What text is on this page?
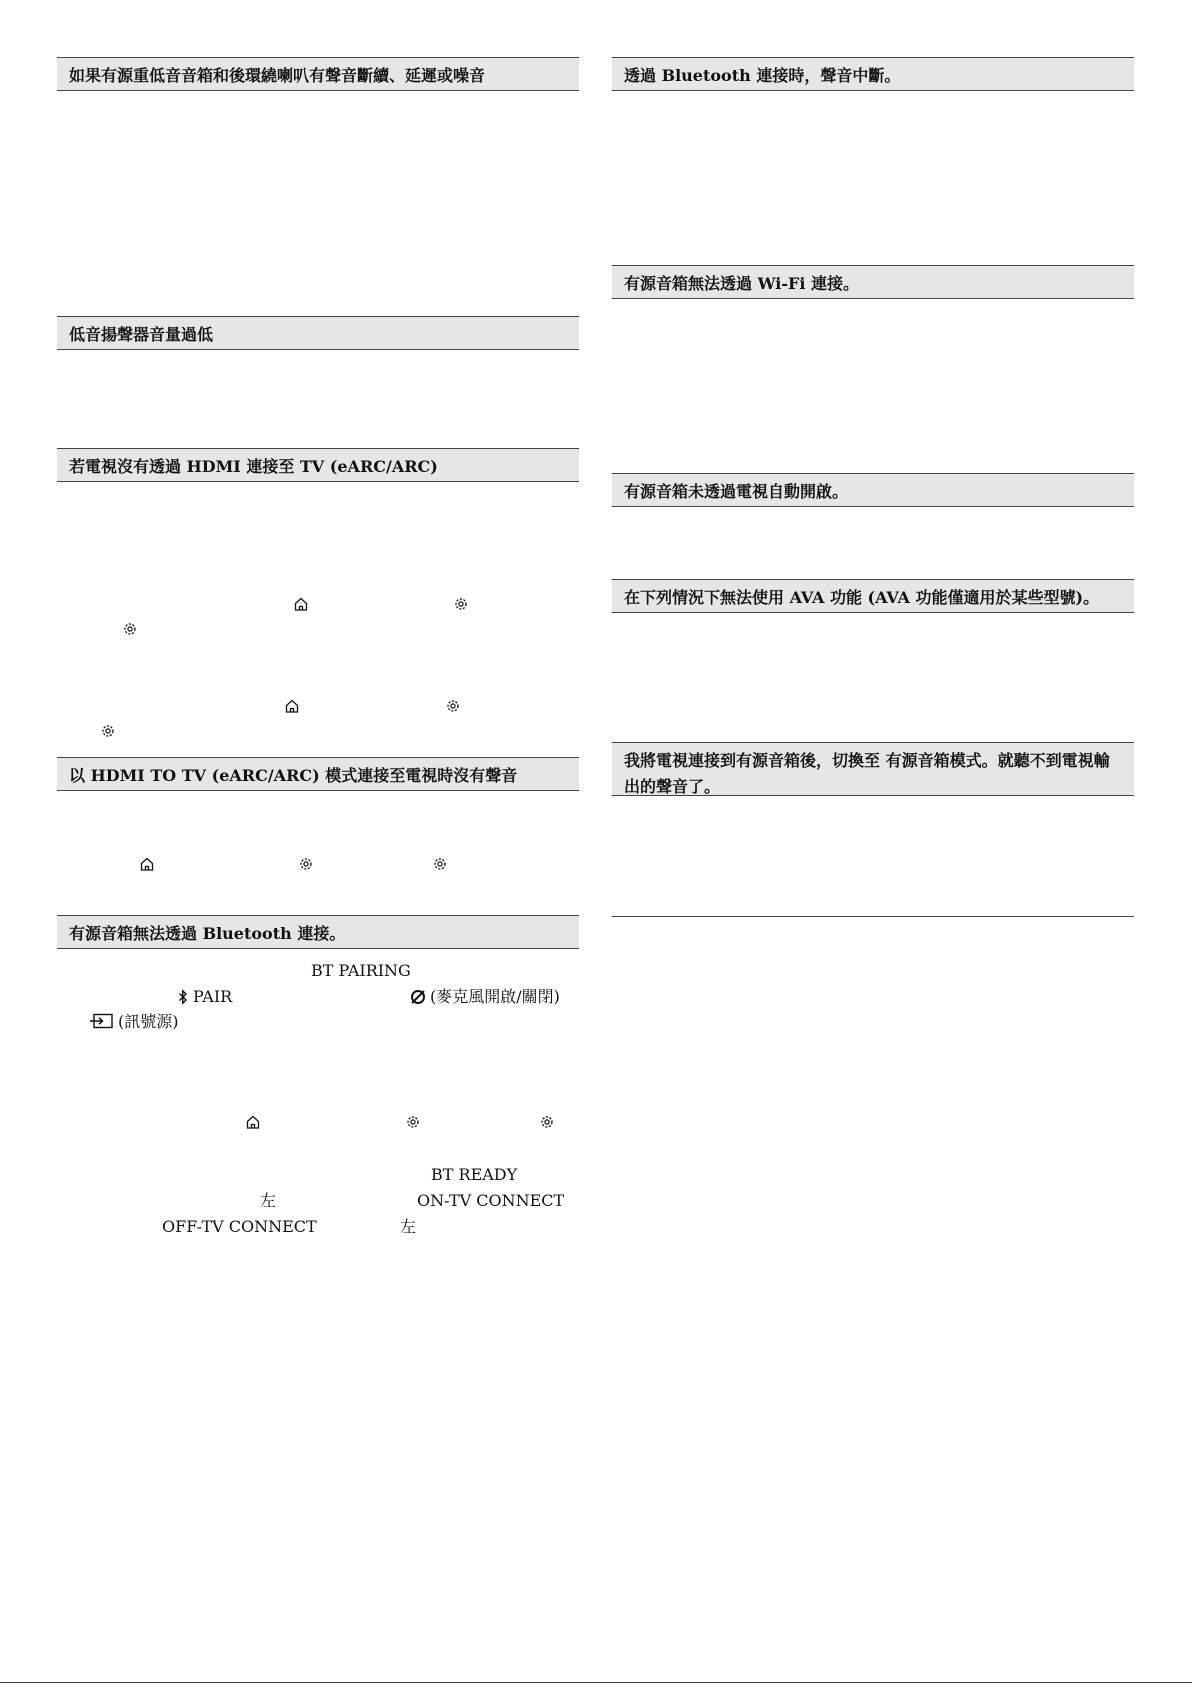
如果有源重低音音箱和後環繞喇叭有聲音斷續、延遲或噪音
低音揚聲器音量過低
若電視沒有透過 HDMI 連接至 TV (eARC/ARC)
以 HDMI TO TV (eARC/ARC) 模式連接至電視時沒有聲音
有源音箱無法透過 Bluetooth 連接。
透過 Bluetooth 連接時，聲音中斷。
有源音箱無法透過 Wi-Fi 連接。
有源音箱未透過電視自動開啟。
在下列情況下無法使用 AVA 功能 (AVA 功能僅適用於某些型號)。
我將電視連接到有源音箱後，切換至 有源音箱模式。就聽不到電視輸出的聲音了。
BT PAIRING
PAIR	(麥克風開啟/關閉)
(訊號源)
BT READY
左	ON-TV CONNECT
OFF-TV CONNECT	左
